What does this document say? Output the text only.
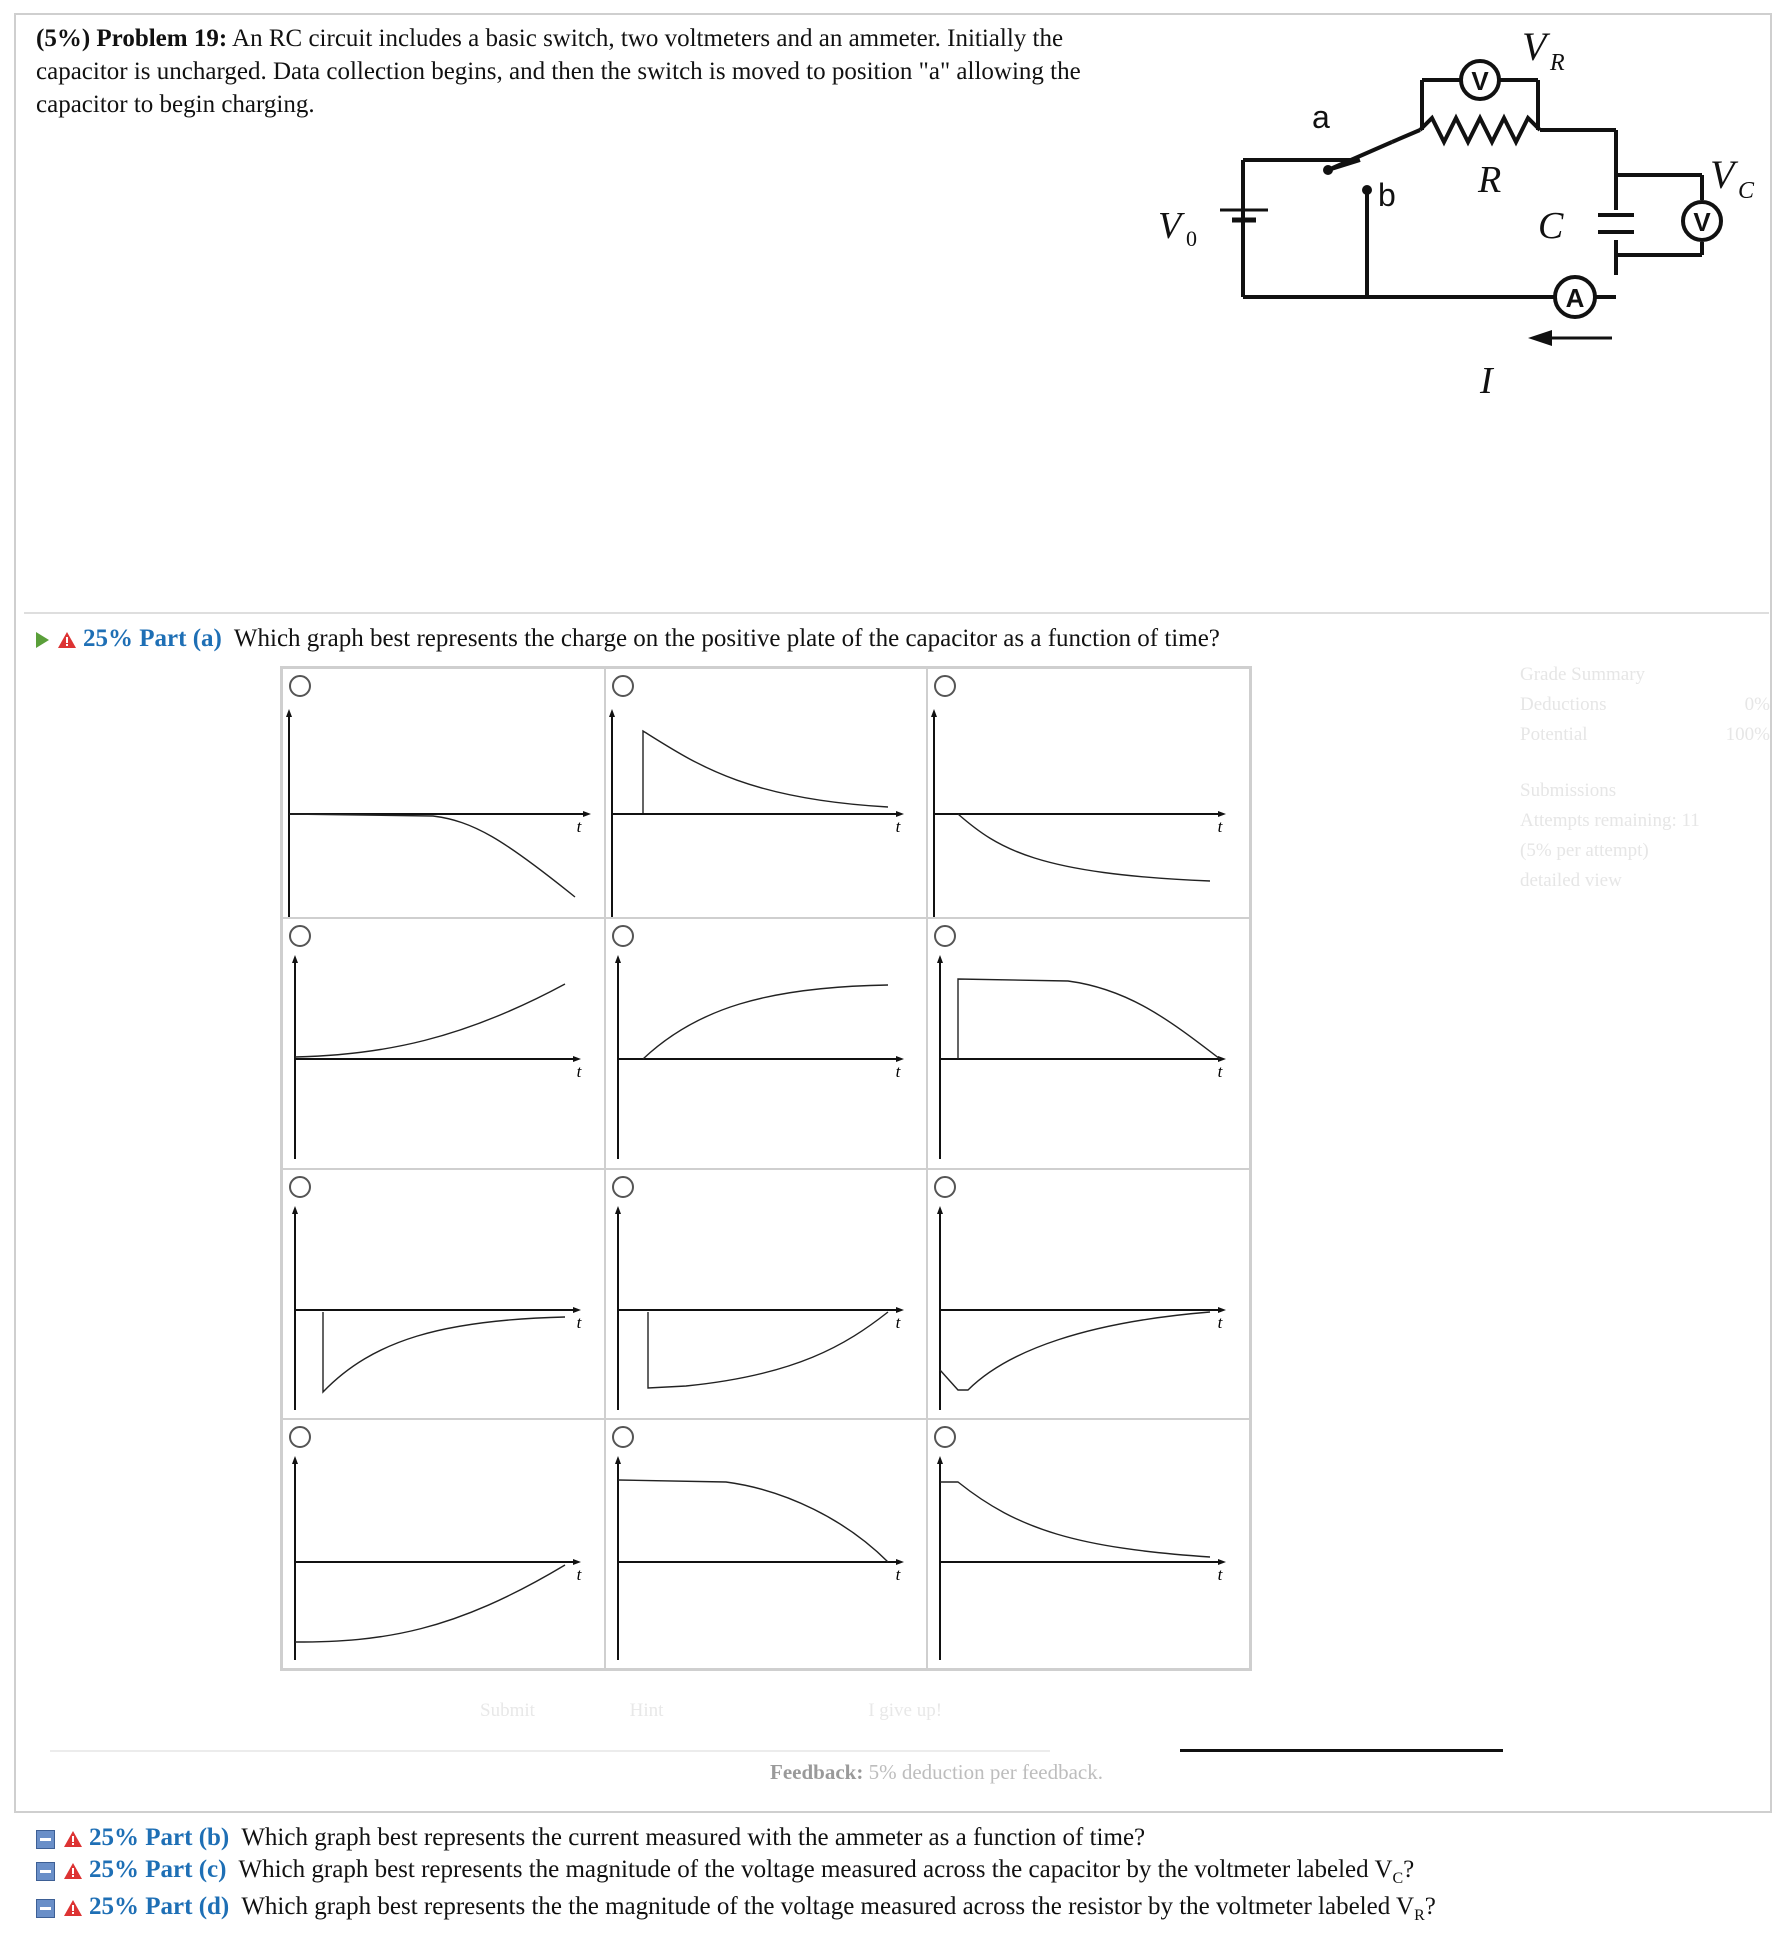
(5%) Problem 19: An RC circuit includes a basic switch, two voltmeters and an ammeter. Initially the capacitor is uncharged. Data collection begins, and then the switch is moved to position "a" allowing the capacitor to begin charging.
V
V
A
a
b
V 0
R
C
V R
V C
I

25% Part (a) Which graph best represents the charge on the positive plate of the capacitor as a function of time?
t	t	t
t	t	t
t	t	t
t	t	t
Grade Summary
Deductions	0%
Potential	100%
Submissions
Attempts remaining: 11
(5% per attempt)
detailed view
Submit	Hint	I give up!
Feedback: 5% deduction per feedback.
25% Part (b) Which graph best represents the current measured with the ammeter as a function of time?
25% Part (c) Which graph best represents the magnitude of the voltage measured across the capacitor by the voltmeter labeled $V_C$?
25% Part (d) Which graph best represents the the magnitude of the voltage measured across the resistor by the voltmeter labeled $V_R$?
